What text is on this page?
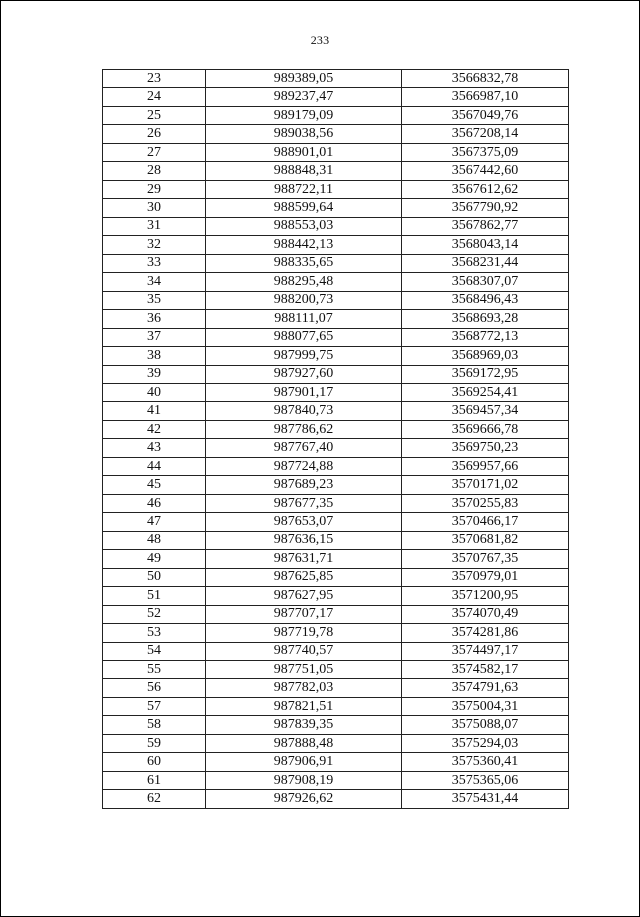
233
23	989389,05	3566832,78
24	989237,47	3566987,10
25	989179,09	3567049,76
26	989038,56	3567208,14
27	988901,01	3567375,09
28	988848,31	3567442,60
29	988722,11	3567612,62
30	988599,64	3567790,92
31	988553,03	3567862,77
32	988442,13	3568043,14
33	988335,65	3568231,44
34	988295,48	3568307,07
35	988200,73	3568496,43
36	988111,07	3568693,28
37	988077,65	3568772,13
38	987999,75	3568969,03
39	987927,60	3569172,95
40	987901,17	3569254,41
41	987840,73	3569457,34
42	987786,62	3569666,78
43	987767,40	3569750,23
44	987724,88	3569957,66
45	987689,23	3570171,02
46	987677,35	3570255,83
47	987653,07	3570466,17
48	987636,15	3570681,82
49	987631,71	3570767,35
50	987625,85	3570979,01
51	987627,95	3571200,95
52	987707,17	3574070,49
53	987719,78	3574281,86
54	987740,57	3574497,17
55	987751,05	3574582,17
56	987782,03	3574791,63
57	987821,51	3575004,31
58	987839,35	3575088,07
59	987888,48	3575294,03
60	987906,91	3575360,41
61	987908,19	3575365,06
62	987926,62	3575431,44
